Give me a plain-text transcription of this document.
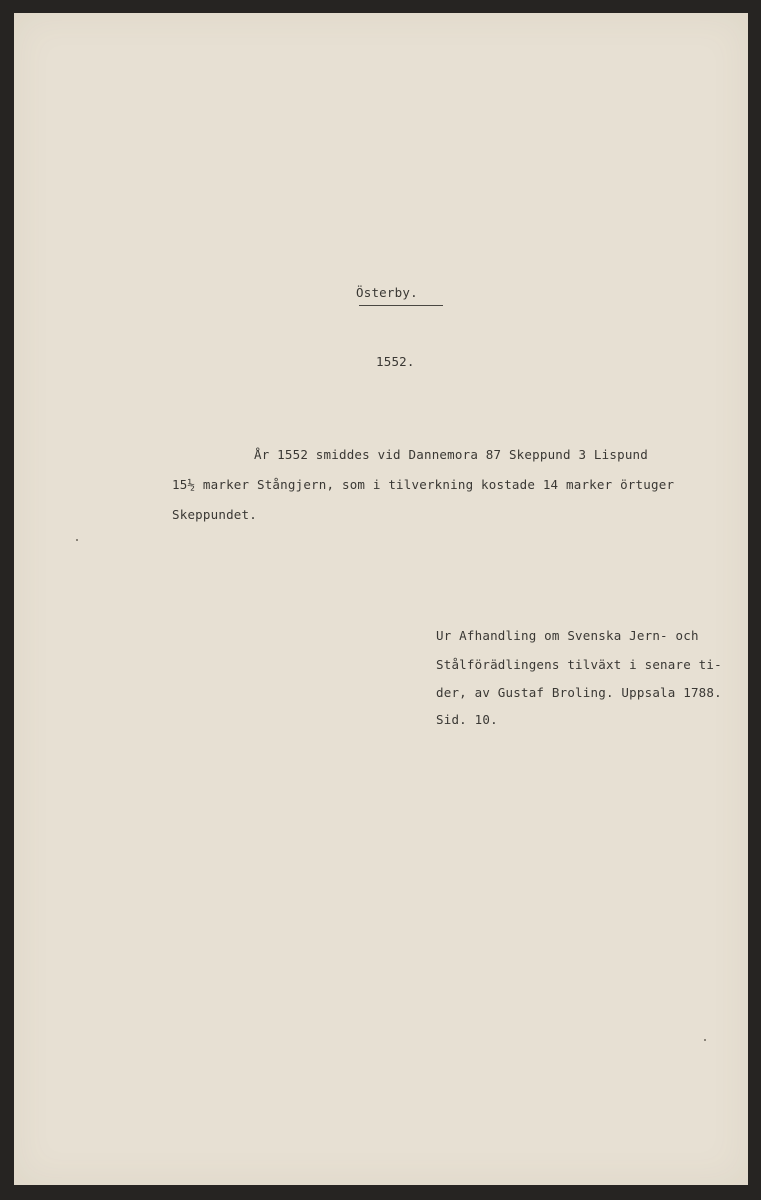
Österby.
1552.
År 1552 smiddes vid Dannemora 87 Skeppund 3 Lispund
15½ marker Stångjern, som i tilverkning kostade 14 marker örtuger
Skeppundet.
Ur Afhandling om Svenska Jern- och
Stålförädlingens tilväxt i senare ti-
der, av Gustaf Broling. Uppsala 1788.
Sid. 10.
